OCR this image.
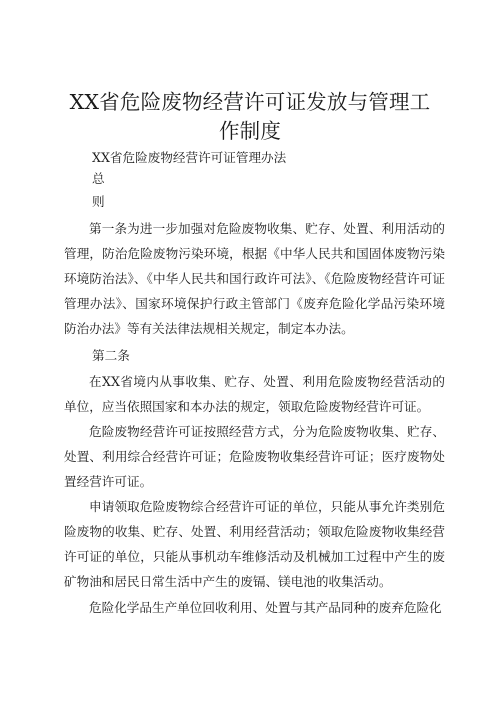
XX省危险废物经营许可证发放与管理工作制度

XX省危险废物经营许可证管理办法

总

则

第一条为进一步加强对危险废物收集、贮存、处置、利用活动的管理，防治危险废物污染环境，根据《中华人民共和国固体废物污染环境防治法》、《中华人民共和国行政许可法》、《危险废物经营许可证管理办法》、国家环境保护行政主管部门《废弃危险化学品污染环境防治办法》等有关法律法规相关规定，制定本办法。

第二条

在XX省境内从事收集、贮存、处置、利用危险废物经营活动的单位，应当依照国家和本办法的规定，领取危险废物经营许可证。

危险废物经营许可证按照经营方式，分为危险废物收集、贮存、处置、利用综合经营许可证；危险废物收集经营许可证；医疗废物处置经营许可证。

申请领取危险废物综合经营许可证的单位，只能从事允许类别危险废物的收集、贮存、处置、利用经营活动；领取危险废物收集经营许可证的单位，只能从事机动车维修活动及机械加工过程中产生的废矿物油和居民日常生活中产生的废镉、镁电池的收集活动。

危险化学品生产单位回收利用、处置与其产品同种的废弃危险化
